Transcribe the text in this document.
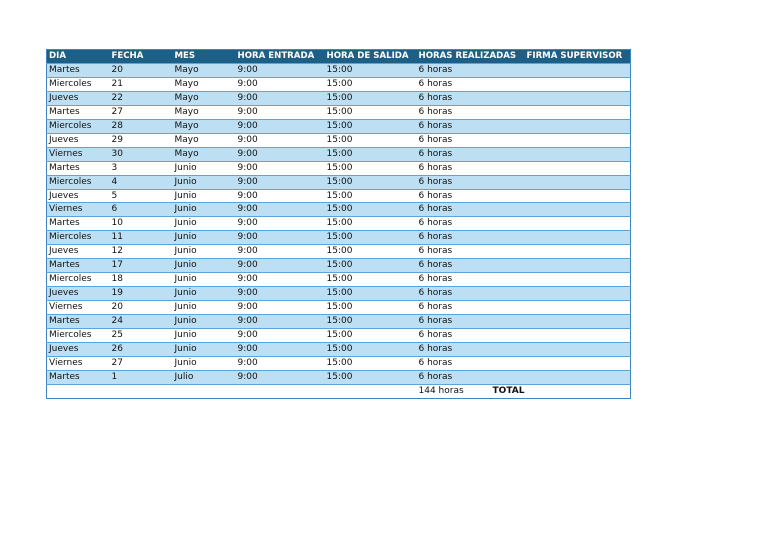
DIA	FECHA	MES	HORA ENTRADA	HORA DE SALIDA	HORAS REALIZADAS	FIRMA SUPERVISOR
Martes	20	Mayo	9:00	15:00	6 horas	
Miercoles	21	Mayo	9:00	15:00	6 horas	
Jueves	22	Mayo	9:00	15:00	6 horas	
Martes	27	Mayo	9:00	15:00	6 horas	
Miercoles	28	Mayo	9:00	15:00	6 horas	
Jueves	29	Mayo	9:00	15:00	6 horas	
Viernes	30	Mayo	9:00	15:00	6 horas	
Martes	3	Junio	9:00	15:00	6 horas	
Miercoles	4	Junio	9:00	15:00	6 horas	
Jueves	5	Junio	9:00	15:00	6 horas	
Viernes	6	Junio	9:00	15:00	6 horas	
Martes	10	Junio	9:00	15:00	6 horas	
Miercoles	11	Junio	9:00	15:00	6 horas	
Jueves	12	Junio	9:00	15:00	6 horas	
Martes	17	Junio	9:00	15:00	6 horas	
Miercoles	18	Junio	9:00	15:00	6 horas	
Jueves	19	Junio	9:00	15:00	6 horas	
Viernes	20	Junio	9:00	15:00	6 horas	
Martes	24	Junio	9:00	15:00	6 horas	
Miercoles	25	Junio	9:00	15:00	6 horas	
Jueves	26	Junio	9:00	15:00	6 horas	
Viernes	27	Junio	9:00	15:00	6 horas	
Martes	1	Julio	9:00	15:00	6 horas	
					144 horas TOTAL	
